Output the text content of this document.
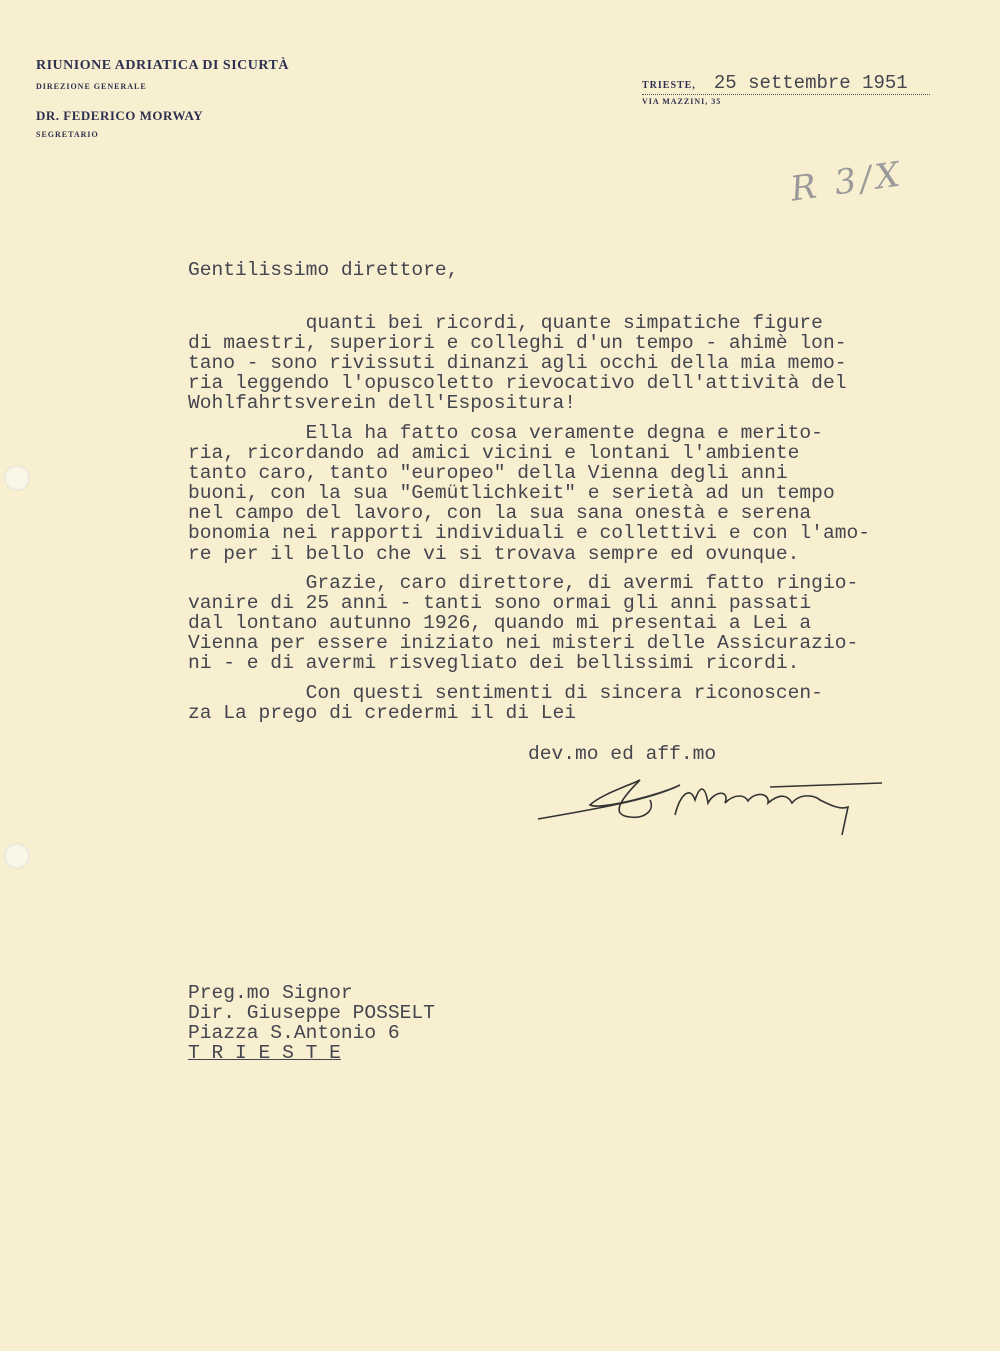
RIUNIONE ADRIATICA DI SICURTÀ
DIREZIONE GENERALE
DR. FEDERICO MORWAY
SEGRETARIO
TRIESTE, 25 settembre 1951
VIA MAZZINI, 35
R 3/X
Gentilissimo direttore,
quanti bei ricordi, quante simpatiche figure
di maestri, superiori e colleghi d'un tempo - ahimè lon-
tano - sono rivissuti dinanzi agli occhi della mia memo-
ria leggendo l'opuscoletto rievocativo dell'attività del
Wohlfahrtsverein dell'Espositura!
Ella ha fatto cosa veramente degna e merito-
ria, ricordando ad amici vicini e lontani l'ambiente
tanto caro, tanto "europeo" della Vienna degli anni
buoni, con la sua "Gemütlichkeit" e serietà ad un tempo
nel campo del lavoro, con la sua sana onestà e serena
bonomia nei rapporti individuali e collettivi e con l'amo-
re per il bello che vi si trovava sempre ed ovunque.
Grazie, caro direttore, di avermi fatto ringio-
vanire di 25 anni - tanti sono ormai gli anni passati
dal lontano autunno 1926, quando mi presentai a Lei a
Vienna per essere iniziato nei misteri delle Assicurazio-
ni - e di avermi risvegliato dei bellissimi ricordi.
Con questi sentimenti di sincera riconoscen-
za La prego di credermi il di Lei
dev.mo ed aff.mo
Preg.mo Signor
Dir. Giuseppe POSSELT
Piazza S.Antonio 6
T R I E S T E
